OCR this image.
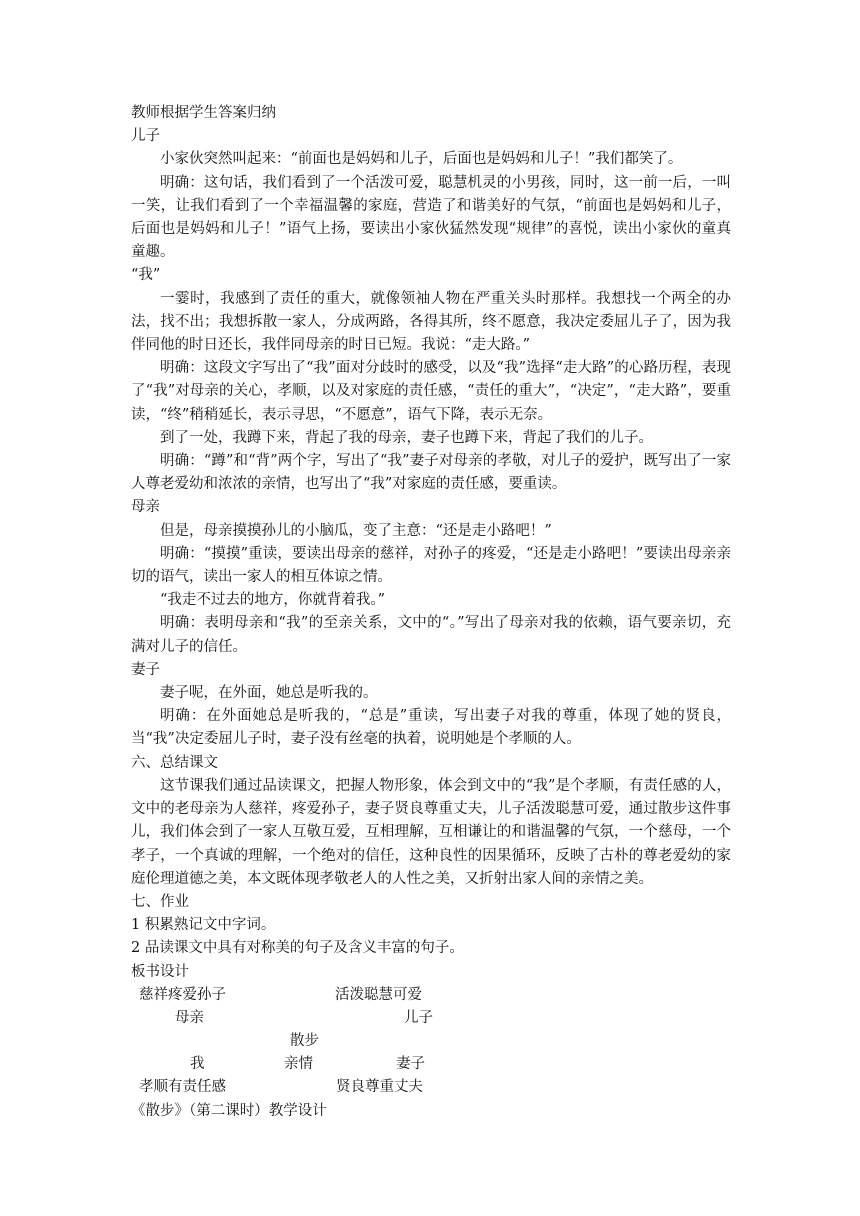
教师根据学生答案归纳
儿子
小家伙突然叫起来：“前面也是妈妈和儿子，后面也是妈妈和儿子！”我们都笑了。
明确：这句话，我们看到了一个活泼可爱，聪慧机灵的小男孩，同时，这一前一后，一叫一笑，让我们看到了一个幸福温馨的家庭，营造了和谐美好的气氛，“前面也是妈妈和儿子，后面也是妈妈和儿子！”语气上扬，要读出小家伙猛然发现“规律”的喜悦，读出小家伙的童真童趣。
“我”
一霎时，我感到了责任的重大，就像领袖人物在严重关头时那样。我想找一个两全的办法，找不出；我想拆散一家人，分成两路，各得其所，终不愿意，我决定委屈儿子了，因为我伴同他的时日还长，我伴同母亲的时日已短。我说：“走大路。”
明确：这段文字写出了“我”面对分歧时的感受，以及“我”选择“走大路”的心路历程，表现了“我”对母亲的关心，孝顺，以及对家庭的责任感，“责任的重大”，“决定”，“走大路”，要重读，“终”稍稍延长，表示寻思，“不愿意”，语气下降，表示无奈。
到了一处，我蹲下来，背起了我的母亲，妻子也蹲下来，背起了我们的儿子。
明确：“蹲”和“背”两个字，写出了“我”妻子对母亲的孝敬，对儿子的爱护，既写出了一家人尊老爱幼和浓浓的亲情，也写出了“我”对家庭的责任感，要重读。
母亲
但是，母亲摸摸孙儿的小脑瓜，变了主意：“还是走小路吧！”
明确：“摸摸”重读，要读出母亲的慈祥，对孙子的疼爱，“还是走小路吧！”要读出母亲亲切的语气，读出一家人的相互体谅之情。
“我走不过去的地方，你就背着我。”
明确：表明母亲和“我”的至亲关系，文中的“。”写出了母亲对我的依赖，语气要亲切，充满对儿子的信任。
妻子
妻子呢，在外面，她总是听我的。
明确：在外面她总是听我的，“总是”重读，写出妻子对我的尊重，体现了她的贤良，当“我”决定委屈儿子时，妻子没有丝毫的执着，说明她是个孝顺的人。
六、总结课文
这节课我们通过品读课文，把握人物形象，体会到文中的“我”是个孝顺，有责任感的人，文中的老母亲为人慈祥，疼爱孙子，妻子贤良尊重丈夫，儿子活泼聪慧可爱，通过散步这件事儿，我们体会到了一家人互敬互爱，互相理解，互相谦让的和谐温馨的气氛，一个慈母，一个孝子，一个真诚的理解，一个绝对的信任，这种良性的因果循环，反映了古朴的尊老爱幼的家庭伦理道德之美，本文既体现孝敬老人的人性之美，又折射出家人间的亲情之美。
七、作业
1 积累熟记文中字词。
2 品读课文中具有对称美的句子及含义丰富的句子。
板书设计
慈祥疼爱孙子	活泼聪慧可爱
母亲	儿子
散步
我	亲情	妻子
孝顺有责任感	贤良尊重丈夫
《散步》（第二课时）教学设计
